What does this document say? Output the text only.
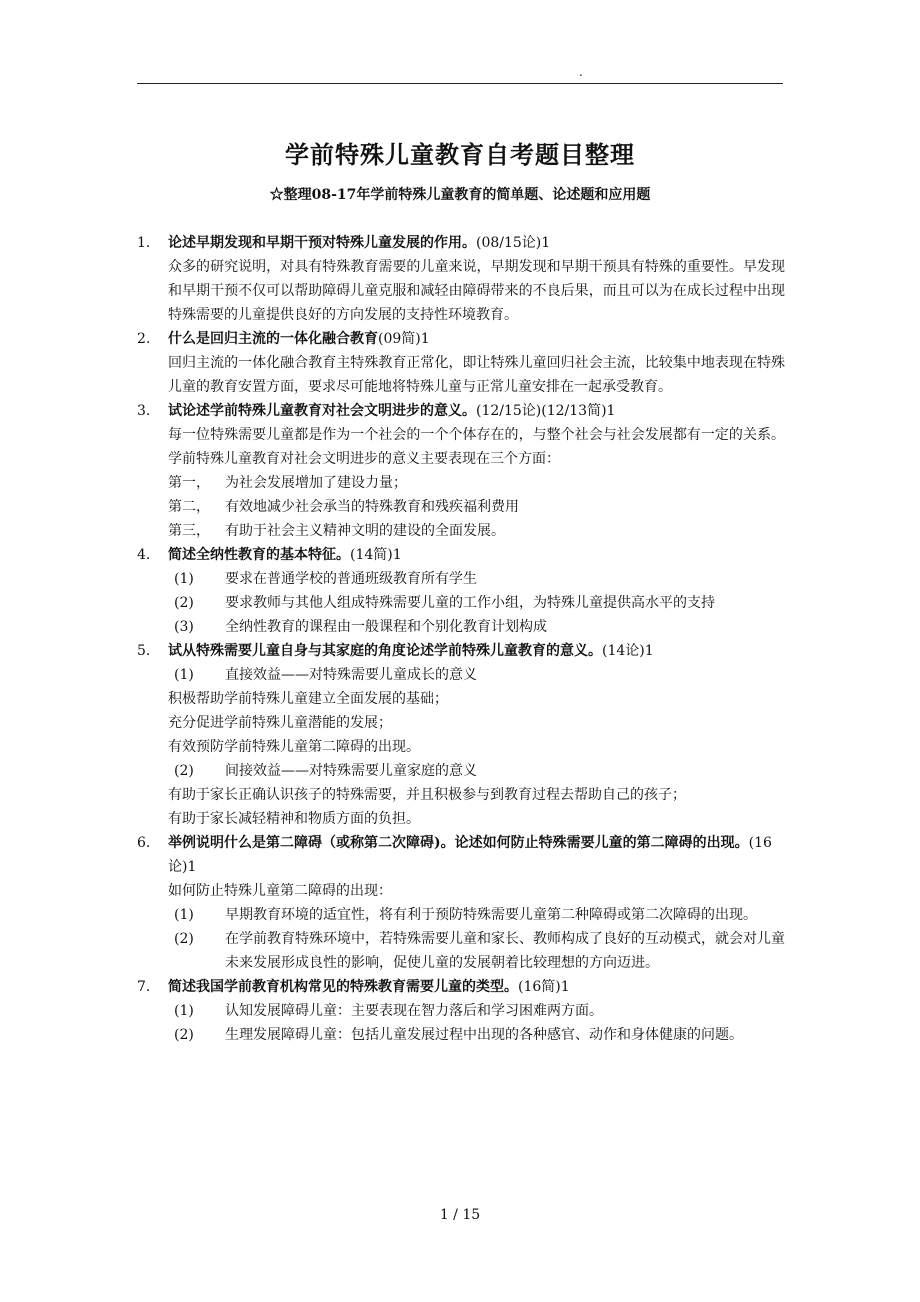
.
学前特殊儿童教育自考题目整理
☆整理08-17年学前特殊儿童教育的简单题、论述题和应用题
1.	论述早期发现和早期干预对特殊儿童发展的作用。(08/15论)1
众多的研究说明，对具有特殊教育需要的儿童来说，早期发现和早期干预具有特殊的重要性。早发现和早期干预不仅可以帮助障碍儿童克服和减轻由障碍带来的不良后果，而且可以为在成长过程中出现特殊需要的儿童提供良好的方向发展的支持性环境教育。
2.	什么是回归主流的一体化融合教育(09简)1
回归主流的一体化融合教育主特殊教育正常化，即让特殊儿童回归社会主流，比较集中地表现在特殊儿童的教育安置方面，要求尽可能地将特殊儿童与正常儿童安排在一起承受教育。
3.	试论述学前特殊儿童教育对社会文明进步的意义。(12/15论)(12/13简)1
每一位特殊需要儿童都是作为一个社会的一个个体存在的，与整个社会与社会发展都有一定的关系。学前特殊儿童教育对社会文明进步的意义主要表现在三个方面：
第一， 为社会发展增加了建设力量；
第二， 有效地减少社会承当的特殊教育和残疾福利费用
第三， 有助于社会主义精神文明的建设的全面发展。
4.	简述全纳性教育的基本特征。(14简)1
(1) 要求在普通学校的普通班级教育所有学生
(2) 要求教师与其他人组成特殊需要儿童的工作小组，为特殊儿童提供高水平的支持
(3) 全纳性教育的课程由一般课程和个别化教育计划构成
5.	试从特殊需要儿童自身与其家庭的角度论述学前特殊儿童教育的意义。(14论)1
(1) 直接效益——对特殊需要儿童成长的意义
积极帮助学前特殊儿童建立全面发展的基础；
充分促进学前特殊儿童潜能的发展；
有效预防学前特殊儿童第二障碍的出现。
(2) 间接效益——对特殊需要儿童家庭的意义
有助于家长正确认识孩子的特殊需要，并且积极参与到教育过程去帮助自己的孩子；
有助于家长减轻精神和物质方面的负担。
6.	举例说明什么是第二障碍（或称第二次障碍)。论述如何防止特殊需要儿童的第二障碍的出现。(16论)1
如何防止特殊儿童第二障碍的出现：
(1) 早期教育环境的适宜性，将有利于预防特殊需要儿童第二种障碍或第二次障碍的出现。
(2) 在学前教育特殊环境中，若特殊需要儿童和家长、教师构成了良好的互动模式，就会对儿童未来发展形成良性的影响，促使儿童的发展朝着比较理想的方向迈进。
7.	简述我国学前教育机构常见的特殊教育需要儿童的类型。(16简)1
(1) 认知发展障碍儿童：主要表现在智力落后和学习困难两方面。
(2) 生理发展障碍儿童：包括儿童发展过程中出现的各种感官、动作和身体健康的问题。
1 / 15
